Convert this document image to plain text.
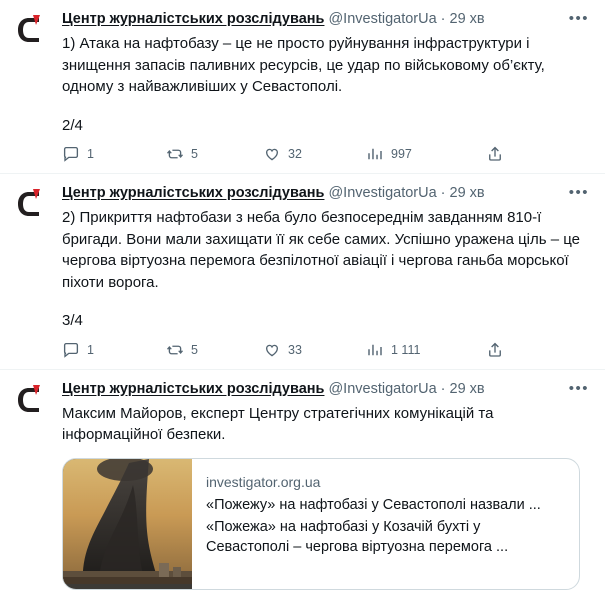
Центр журналістських розслідувань @InvestigatorUa · 29 хв
1) Атака на нафтобазу – це не просто руйнування інфраструктури і знищення запасів паливних ресурсів, це удар по військовому об’єкту, одному з найважливіших у Севастополі.
2/4
1	5	32	997
•••
Центр журналістських розслідувань @InvestigatorUa · 29 хв
2) Прикриття нафтобази з неба було безпосереднім завданням 810-ї бригади. Вони мали захищати її як себе самих. Успішно уражена ціль – це чергова віртуозна перемога безпілотної авіації і чергова ганьба морської піхоти ворога.
3/4
1	5	33	1 111
•••
Центр журналістських розслідувань @InvestigatorUa · 29 хв
Максим Майоров, експерт Центру стратегічних комунікацій та інформаційної безпеки.
investigator.org.ua
«Пожежу» на нафтобазі у Севастополі назвали ...
«Пожежа» на нафтобазі у Козачій бухті у Севастополі – чергова віртуозна перемога ...
•••
